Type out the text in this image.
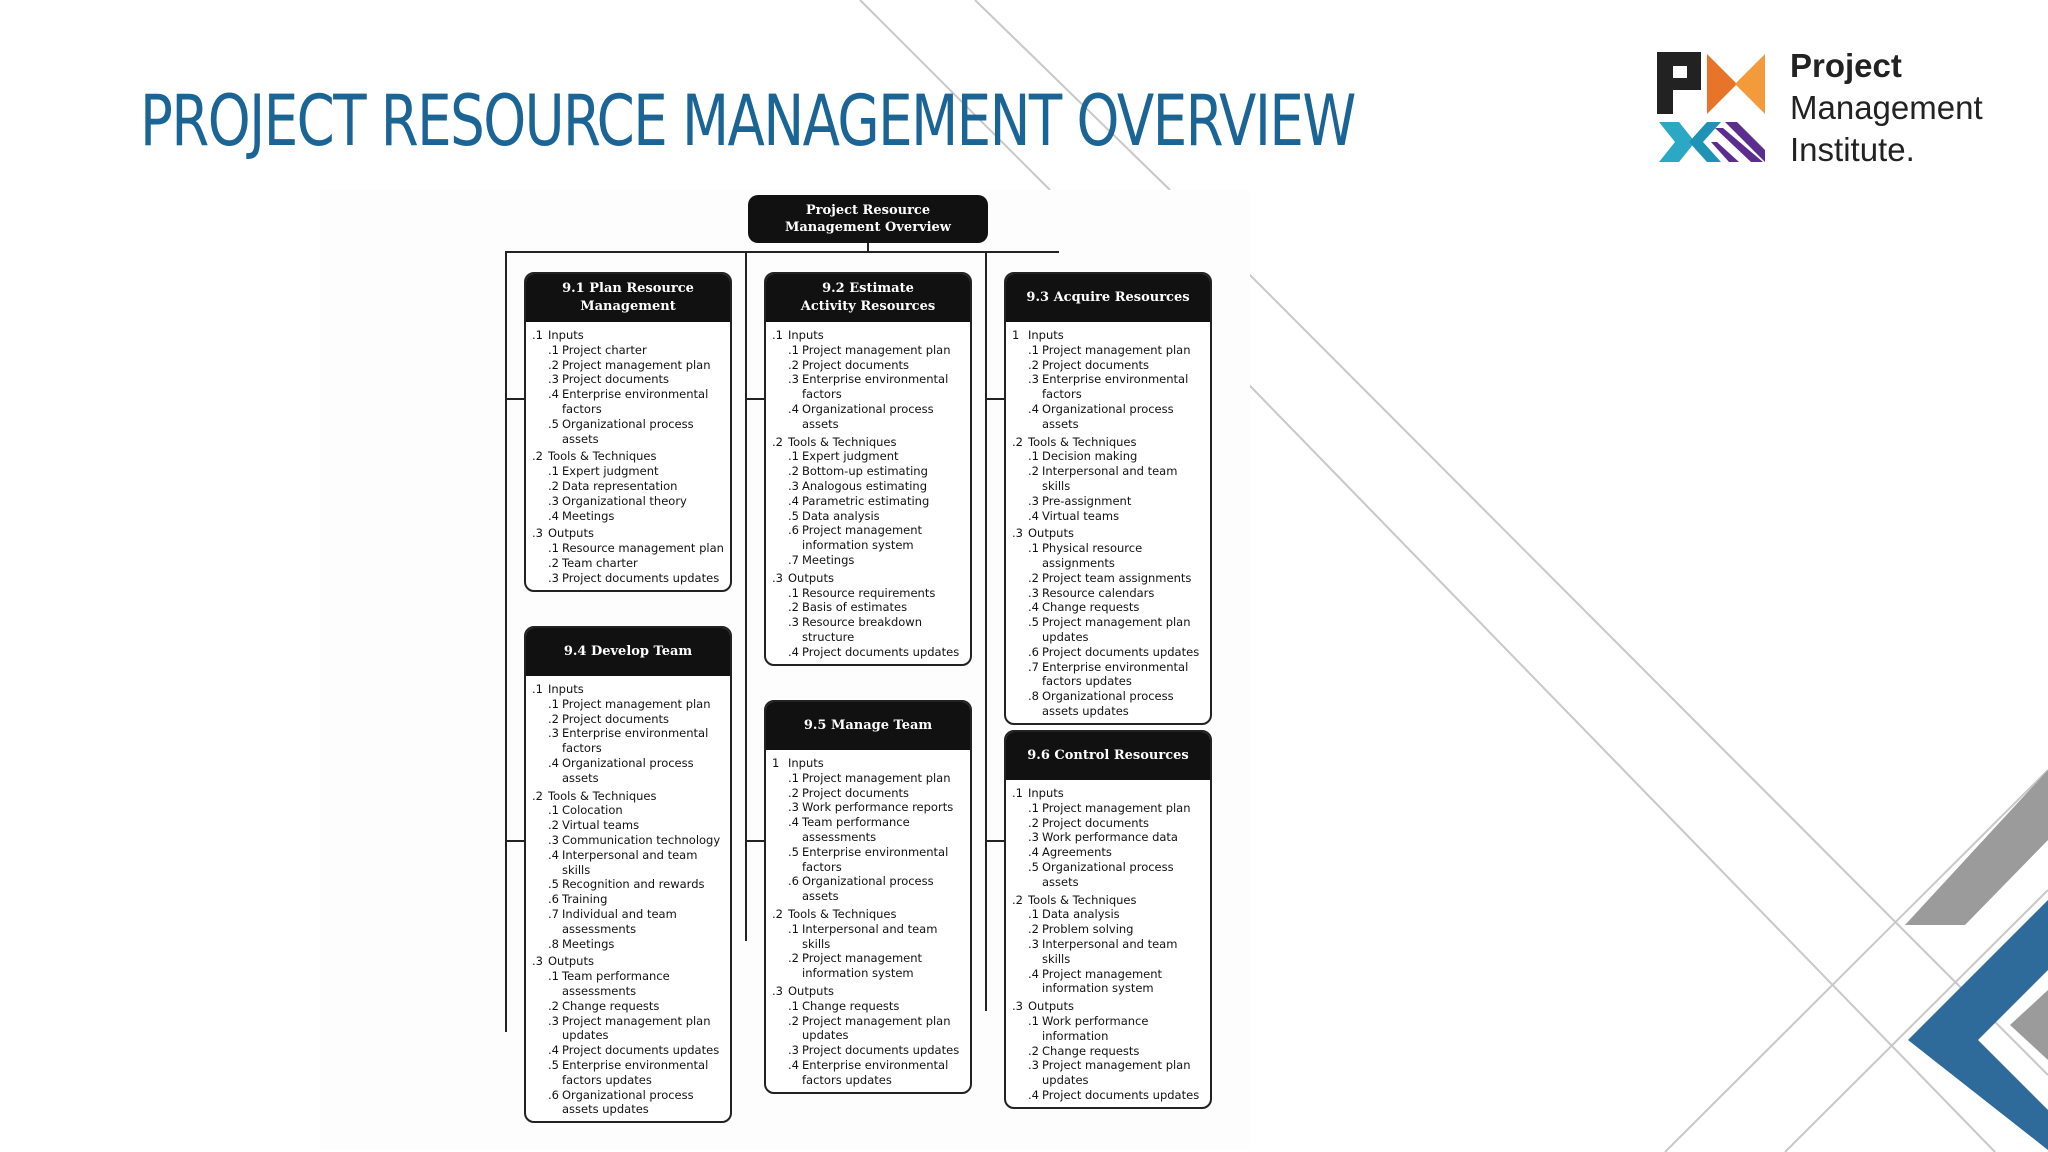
PROJECT RESOURCE MANAGEMENT OVERVIEW
Project
Management
Institute.
Project Resource
Management Overview
9.1 Plan Resource
Management
.1 Inputs
.1 Project charter
.2 Project management plan
.3 Project documents
.4 Enterprise environmental factors
.5 Organizational process assets
.2 Tools & Techniques
.1 Expert judgment
.2 Data representation
.3 Organizational theory
.4 Meetings
.3 Outputs
.1 Resource management plan
.2 Team charter
.3 Project documents updates
9.2 Estimate
Activity Resources
.1 Inputs
.1 Project management plan
.2 Project documents
.3 Enterprise environmental factors
.4 Organizational process assets
.2 Tools & Techniques
.1 Expert judgment
.2 Bottom-up estimating
.3 Analogous estimating
.4 Parametric estimating
.5 Data analysis
.6 Project management information system
.7 Meetings
.3 Outputs
.1 Resource requirements
.2 Basis of estimates
.3 Resource breakdown structure
.4 Project documents updates
9.3 Acquire Resources
1 Inputs
.1 Project management plan
.2 Project documents
.3 Enterprise environmental factors
.4 Organizational process assets
.2 Tools & Techniques
.1 Decision making
.2 Interpersonal and team skills
.3 Pre-assignment
.4 Virtual teams
.3 Outputs
.1 Physical resource assignments
.2 Project team assignments
.3 Resource calendars
.4 Change requests
.5 Project management plan updates
.6 Project documents updates
.7 Enterprise environmental factors updates
.8 Organizational process assets updates
9.4 Develop Team
.1 Inputs
.1 Project management plan
.2 Project documents
.3 Enterprise environmental factors
.4 Organizational process assets
.2 Tools & Techniques
.1 Colocation
.2 Virtual teams
.3 Communication technology
.4 Interpersonal and team skills
.5 Recognition and rewards
.6 Training
.7 Individual and team assessments
.8 Meetings
.3 Outputs
.1 Team performance assessments
.2 Change requests
.3 Project management plan updates
.4 Project documents updates
.5 Enterprise environmental factors updates
.6 Organizational process assets updates
9.5 Manage Team
1 Inputs
.1 Project management plan
.2 Project documents
.3 Work performance reports
.4 Team performance assessments
.5 Enterprise environmental factors
.6 Organizational process assets
.2 Tools & Techniques
.1 Interpersonal and team skills
.2 Project management information system
.3 Outputs
.1 Change requests
.2 Project management plan updates
.3 Project documents updates
.4 Enterprise environmental factors updates
9.6 Control Resources
.1 Inputs
.1 Project management plan
.2 Project documents
.3 Work performance data
.4 Agreements
.5 Organizational process assets
.2 Tools & Techniques
.1 Data analysis
.2 Problem solving
.3 Interpersonal and team skills
.4 Project management information system
.3 Outputs
.1 Work performance information
.2 Change requests
.3 Project management plan updates
.4 Project documents updates
